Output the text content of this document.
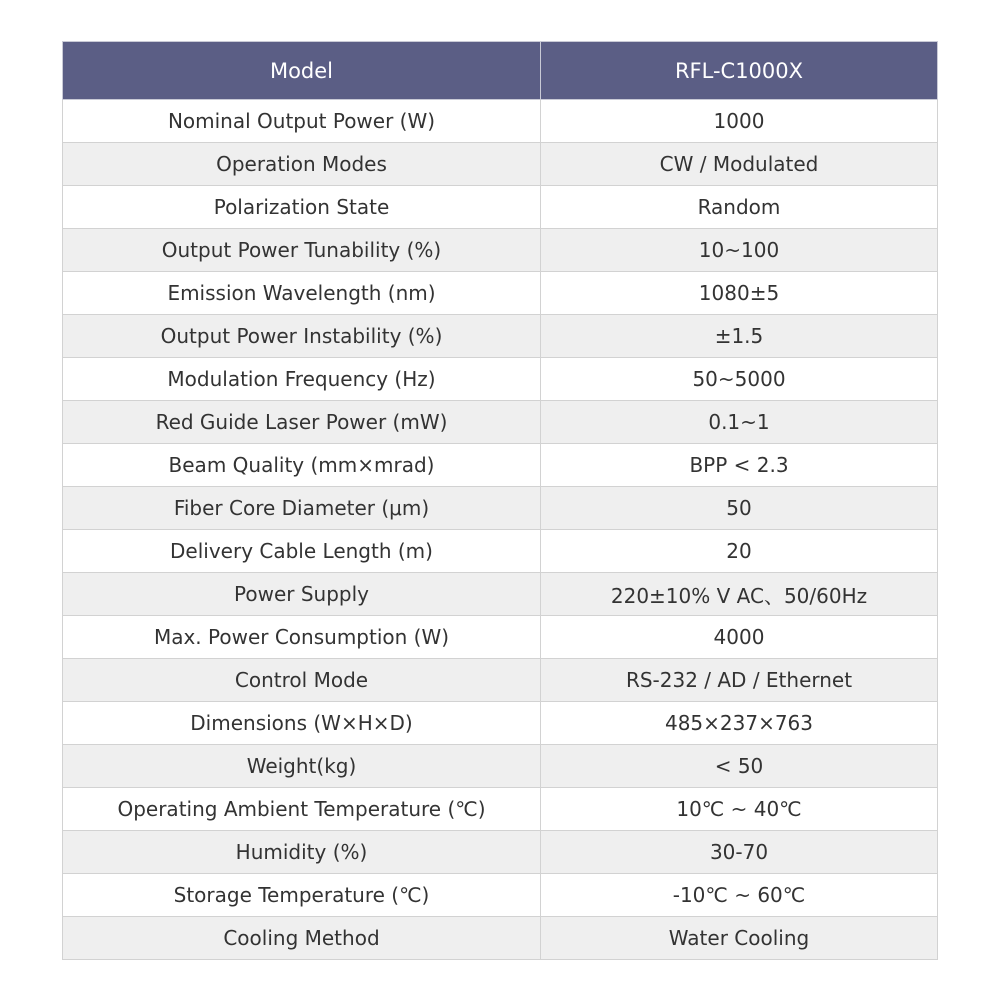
Model	RFL-C1000X
Nominal Output Power (W)	1000
Operation Modes	CW / Modulated
Polarization State	Random
Output Power Tunability (%)	10~100
Emission Wavelength (nm)	1080±5
Output Power Instability (%)	±1.5
Modulation Frequency (Hz)	50~5000
Red Guide Laser Power (mW)	0.1~1
Beam Quality (mm×mrad)	BPP < 2.3
Fiber Core Diameter (μm)	50
Delivery Cable Length (m)	20
Power Supply	220±10% V AC、50/60Hz
Max. Power Consumption (W)	4000
Control Mode	RS-232 / AD / Ethernet
Dimensions (W×H×D)	485×237×763
Weight(kg)	< 50
Operating Ambient Temperature (℃)	10℃ ~ 40℃
Humidity (%)	30-70
Storage Temperature (℃)	-10℃ ~ 60℃
Cooling Method	Water Cooling
